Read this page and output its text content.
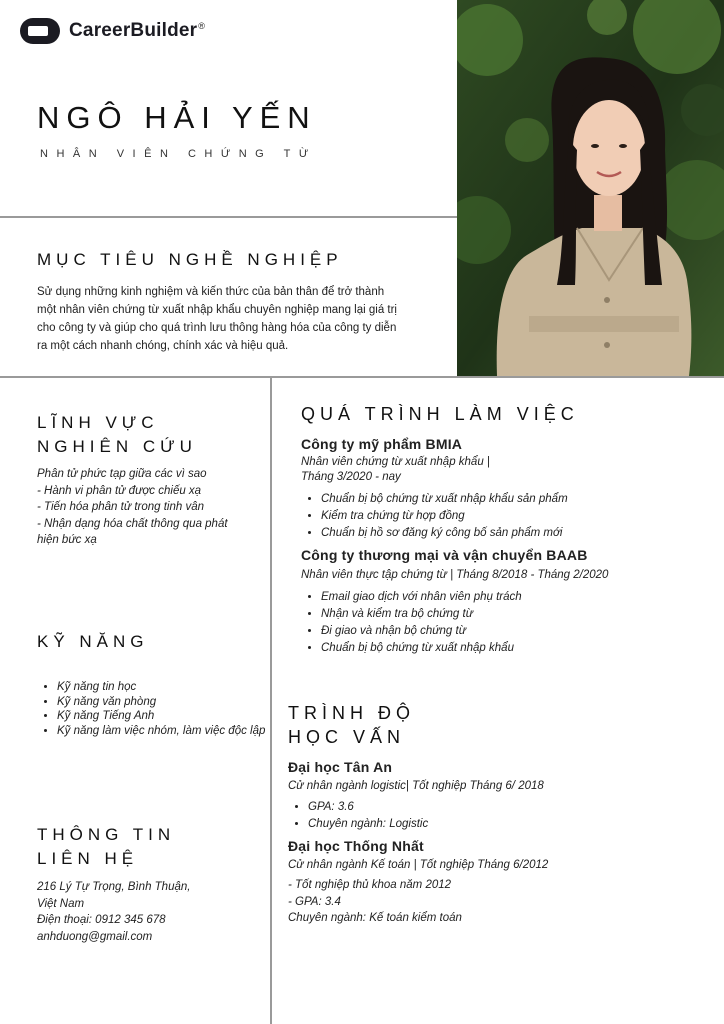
CareerBuilder ®
NGÔ HẢI YẾN
NHÂN VIÊN CHỨNG TỪ
MỤC TIÊU NGHỀ NGHIỆP
Sử dụng những kinh nghiệm và kiến thức của bản thân để trở thành một nhân viên chứng từ xuất nhập khẩu chuyên nghiệp mang lại giá trị cho công ty và giúp cho quá trình lưu thông hàng hóa của công ty diễn ra một cách nhanh chóng, chính xác và hiệu quả.
LĨNH VỰC
NGHIÊN CỨU
Phân tử phức tạp giữa các vì sao
- Hành vi phân tử được chiếu xạ
- Tiến hóa phân tử trong tinh vân
- Nhận dạng hóa chất thông qua phát hiện bức xạ
KỸ NĂNG
• Kỹ năng tin học
• Kỹ năng văn phòng
• Kỹ năng Tiếng Anh
• Kỹ năng làm việc nhóm, làm việc độc lập
THÔNG TIN
LIÊN HỆ
216 Lý Tự Trọng, Bình Thuận, Việt Nam
Điện thoại: 0912 345 678
anhduong@gmail.com
QUÁ TRÌNH LÀM VIỆC
Công ty mỹ phẩm BMIA
Nhân viên chứng từ xuất nhập khẩu | Tháng 3/2020 - nay
• Chuẩn bị bộ chứng từ xuất nhập khẩu sản phẩm
• Kiểm tra chứng từ hợp đồng
• Chuẩn bị hồ sơ đăng ký công bố sản phẩm mới
Công ty thương mại và vận chuyển BAAB
Nhân viên thực tập chứng từ | Tháng 8/2018 - Tháng 2/2020
• Email giao dịch với nhân viên phụ trách
• Nhận và kiểm tra bộ chứng từ
• Đi giao và nhận bộ chứng từ
• Chuẩn bị bộ chứng từ xuất nhập khẩu
TRÌNH ĐỘ
HỌC VẤN
Đại học Tân An
Cử nhân ngành logistic| Tốt nghiệp Tháng 6/ 2018
• GPA: 3.6
• Chuyên ngành: Logistic
Đại học Thống Nhất
Cử nhân ngành Kế toán | Tốt nghiệp Tháng 6/2012
- Tốt nghiệp thủ khoa năm 2012
- GPA: 3.4
Chuyên ngành: Kế toán kiểm toán
